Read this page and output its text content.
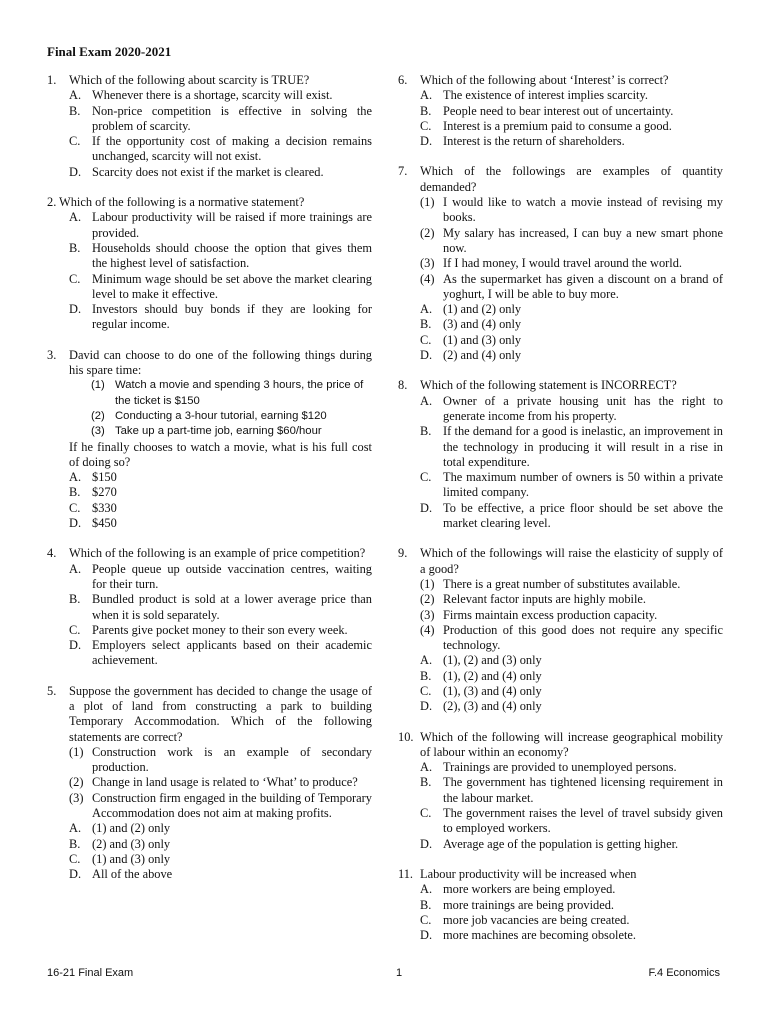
Final Exam 2020-2021
1.	Which of the following about scarcity is TRUE?
A. Whenever there is a shortage, scarcity will exist.
B. Non-price competition is effective in solving the problem of scarcity.
C. If the opportunity cost of making a decision remains unchanged, scarcity will not exist.
D. Scarcity does not exist if the market is cleared.
2. Which of the following is a normative statement?
A. Labour productivity will be raised if more trainings are provided.
B. Households should choose the option that gives them the highest level of satisfaction.
C. Minimum wage should be set above the market clearing level to make it effective.
D. Investors should buy bonds if they are looking for regular income.
3.	David can choose to do one of the following things during his spare time:
(1) Watch a movie and spending 3 hours, the price of the ticket is $150
(2) Conducting a 3-hour tutorial, earning $120
(3) Take up a part-time job, earning $60/hour
If he finally chooses to watch a movie, what is his full cost of doing so?
A. $150
B. $270
C. $330
D. $450
4.	Which of the following is an example of price competition?
A. People queue up outside vaccination centres, waiting for their turn.
B. Bundled product is sold at a lower average price than when it is sold separately.
C. Parents give pocket money to their son every week.
D. Employers select applicants based on their academic achievement.
5.	Suppose the government has decided to change the usage of a plot of land from constructing a park to building Temporary Accommodation. Which of the following statements are correct?
(1) Construction work is an example of secondary production.
(2) Change in land usage is related to ‘What’ to produce?
(3) Construction firm engaged in the building of Temporary Accommodation does not aim at making profits.
A. (1) and (2) only
B. (2) and (3) only
C. (1) and (3) only
D. All of the above
6.	Which of the following about ‘Interest’ is correct?
A. The existence of interest implies scarcity.
B. People need to bear interest out of uncertainty.
C. Interest is a premium paid to consume a good.
D. Interest is the return of shareholders.
7.	Which of the followings are examples of quantity demanded?
(1) I would like to watch a movie instead of revising my books.
(2) My salary has increased, I can buy a new smart phone now.
(3) If I had money, I would travel around the world.
(4) As the supermarket has given a discount on a brand of yoghurt, I will be able to buy more.
A. (1) and (2) only
B. (3) and (4) only
C. (1) and (3) only
D. (2) and (4) only
8.	Which of the following statement is INCORRECT?
A. Owner of a private housing unit has the right to generate income from his property.
B. If the demand for a good is inelastic, an improvement in the technology in producing it will result in a rise in total expenditure.
C. The maximum number of owners is 50 within a private limited company.
D. To be effective, a price floor should be set above the market clearing level.
9.	Which of the followings will raise the elasticity of supply of a good?
(1) There is a great number of substitutes available.
(2) Relevant factor inputs are highly mobile.
(3) Firms maintain excess production capacity.
(4) Production of this good does not require any specific technology.
A. (1), (2) and (3) only
B. (1), (2) and (4) only
C. (1), (3) and (4) only
D. (2), (3) and (4) only
10. Which of the following will increase geographical mobility of labour within an economy?
A. Trainings are provided to unemployed persons.
B. The government has tightened licensing requirement in the labour market.
C. The government raises the level of travel subsidy given to employed workers.
D. Average age of the population is getting higher.
11. Labour productivity will be increased when
A. more workers are being employed.
B. more trainings are being provided.
C. more job vacancies are being created.
D. more machines are becoming obsolete.
16-21 Final Exam	1	F.4 Economics
